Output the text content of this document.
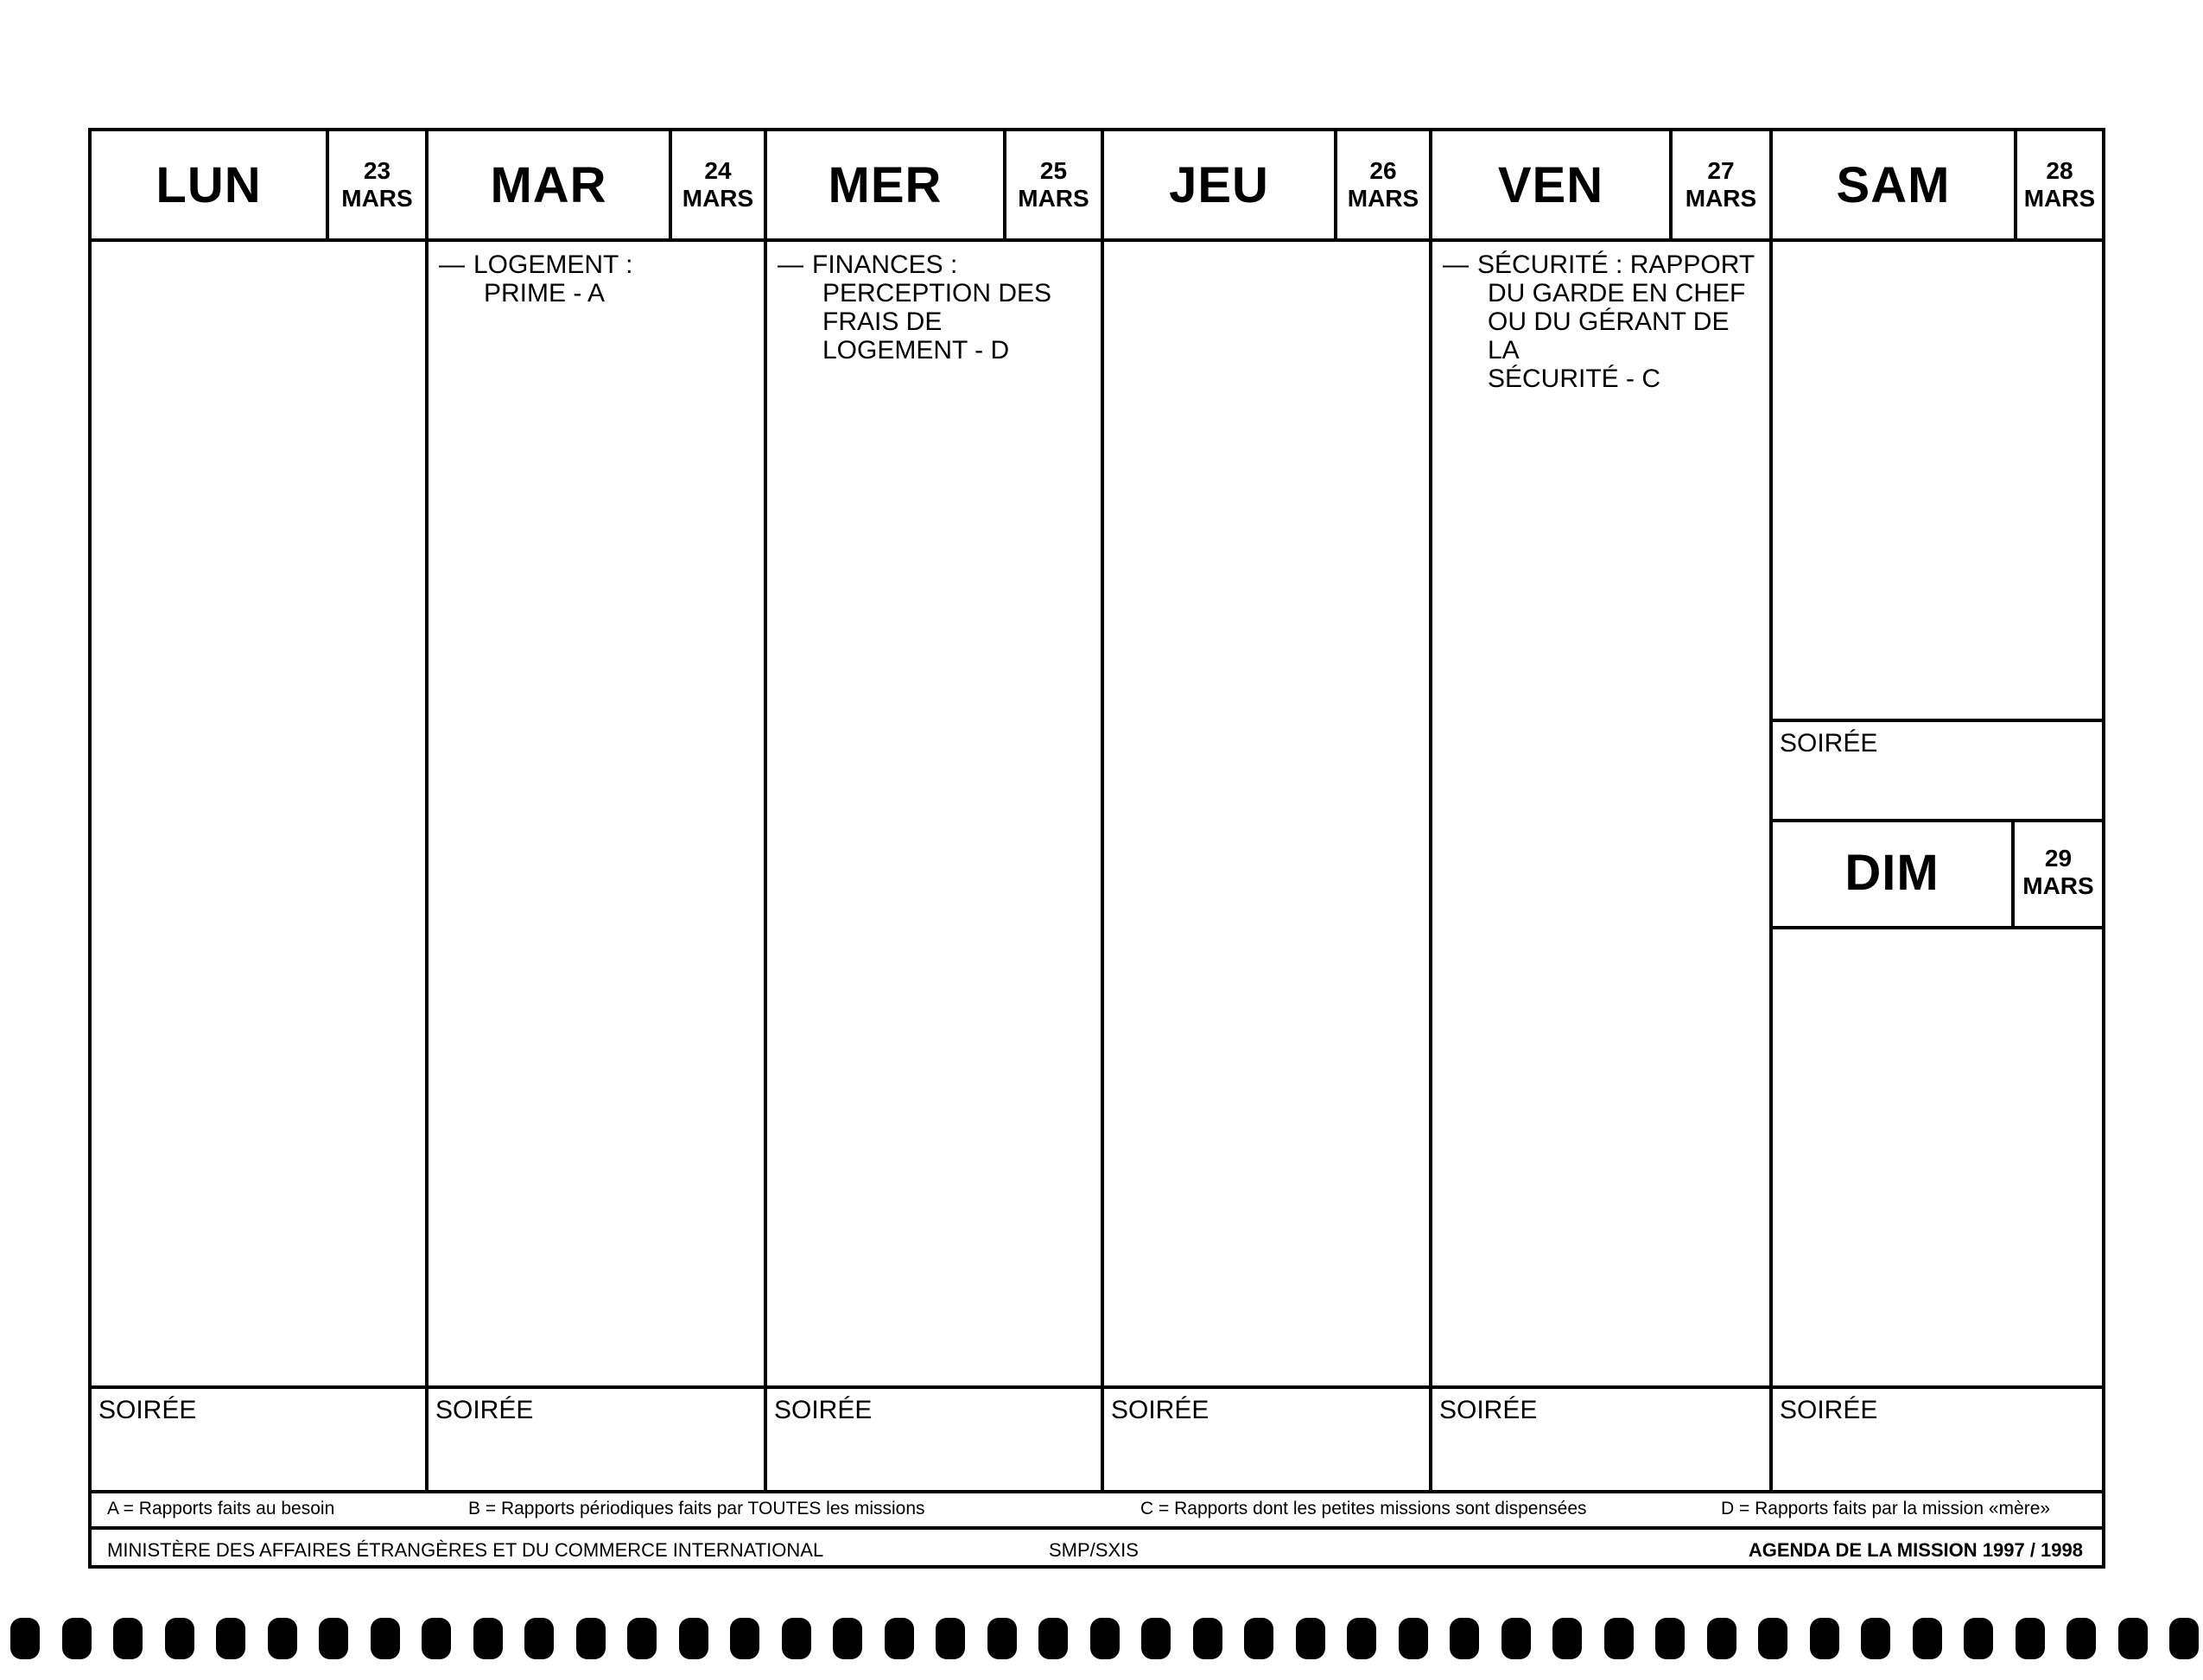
LUN	23
MARS
SOIRÉE
MAR	24
MARS
— LOGEMENT :
PRIME - A
SOIRÉE
MER	25
MARS
— FINANCES :
PERCEPTION DES
FRAIS DE
LOGEMENT - D
SOIRÉE
JEU	26
MARS
SOIRÉE
VEN	27
MARS
— SÉCURITÉ : RAPPORT
DU GARDE EN CHEF
OU DU GÉRANT DE LA
SÉCURITÉ - C
SOIRÉE
SAM	28
MARS
SOIRÉE
DIM	29
MARS
SOIRÉE
A = Rapports faits au besoin	B = Rapports périodiques faits par TOUTES les missions	C = Rapports dont les petites missions sont dispensées	D = Rapports faits par la mission «mère»
MINISTÈRE DES AFFAIRES ÉTRANGÈRES ET DU COMMERCE INTERNATIONAL	SMP/SXIS	AGENDA DE LA MISSION 1997 / 1998
